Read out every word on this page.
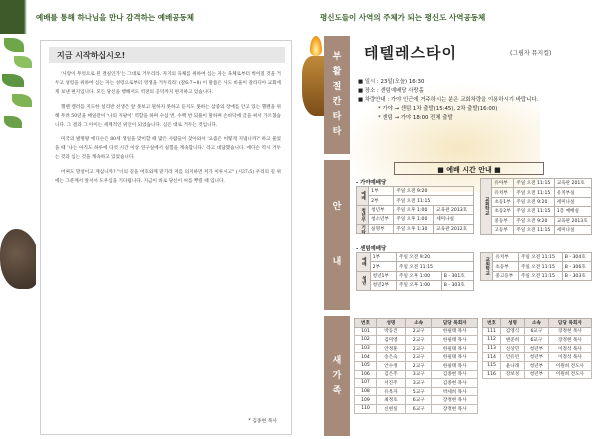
예배를 통해 하나님을 만나 감격하는 예배공동체
지금 시작하십시오!

'사랑이 무엇으로 된 결실인가'는 그대로 거두리라. 자기의 육체를 위하여 심는 자는 육체로부터 썩어질 것을 거두고 성령을 위하여 심는 자는 성령으로부터 영생을 거두리라' (갈6:7~8) 이 말씀은 사도 바울이 갈라디아 교회에게 보낸 편지입니다. 모든 당신을 행해서도 역전의 공덕까지 편지하고 있습니다.

헬렌 켈러를 지도한 설리반 선생은 앞 못보고 말하지 못하고 듣지도 못하는 삼중의 장애를 안고 있는 헬렌을 위해 무려 50년을 매일같이 '나의 지팡이' 역할을 하며 수십 번, 수백 번 되풀이 말하며 손바닥에 글을 써서 가르쳤습니다. 그 결과 그 아이는 세계적인 위인이 되었습니다. 심은 대로 거두는 것입니다.

미국의 발명왕 에디슨은 80세 생일을 맞이할 때 많은 사람들이 찾아와서 '요즘은 어떻게 지냅니까?' 하고 물었을 때 '나는 아직도 하루에 다섯 시간 이상 연구실에서 실험을 계속합니다.' 라고 대답했습니다. 에디슨 역시 거두는 것과 심는 것을 계속하고 있었습니다.

어찌도 망설이고 계십니까? "너의 길을 여호와께 맡기라 저를 의지하면 저가 이루시고" (시37:5) 우리의 길 위에는 그분께서 앞서서 도우심을 기다립니다. 지금이 바로 당신이 씨를 뿌릴 때 입니다.

* 김종현 목사
평신도들이 사역의 주체가 되는 평신도 사역공동체
부
활
절
칸
타
타
테텔레스타이	(그림자 뮤지컬)
■ 일시 : 23일(오늘) 16:30
■ 장소 : 센텀예배당 사랑홀
■ 차량안내 : 가야 인근에 거주하시는 분은 교회차량을 이용하시기 바랍니다.
* 가야 → 센텀 1차 출발(15:45), 2차 출발(16:00)
* 센텀 → 가야 18:00 전체 출발
안
내
■ 예배 시간 안내 ■
- 가야예배당
예배	1부	주일 오전 9:20	
	2부	주일 오전 11:15	
청년부	청년부	주일 오후 1:00	교육관 2013호
	청소년부	주일 오후 1:00	세미나실
기타	실명부	주일 오후 1:30	교육관 2012호
교회학교	유아부	주일 오전 11:15	교육관 201호
	유치부	주일 오전 11:15	유치부실
	초등1부	주일 오전 9:20	세미나실
	초등2부	주일 오전 11:15	1층 예배실
	중등부	주일 오전 9:20	교육관 2013호
	고등부	주일 오전 11:15	세미나실
- 센텀예배당
예배	1부	주일 오전 9:20	
	2부	주일 오전 11:15	
청년	청년1부	주일 오후 1:00	B - 301호
	청년2부	주일 오후 1:00	B - 303호
교회학교	유치부	주일 오전 11:15	B - 304호
	초등부	주일 오전 11:15	B - 306호
	중고등부	주일 오전 11:15	B - 303호
새
가
족
번호	성명	소속	담당 목회자
101	박동진	2교구	한필태 목사
102	김미영	2교구	한필태 목사
103	안정훈	2교구	한필태 목사
104	송은숙	2교구	한필태 목사
105	안수정	2교구	한필태 목사
106	김은주	3교구	김종현 목사
107	서진주	3교구	김종현 목사
108	유옥자	5교구	박세희 목사
109	최정호	6교구	장정현 목사
110	신현실	6교구	장정현 목사
번호	성명	소속	담당 목회자
111	김영식	6교구	장정현 목사
112	변준희	6교구	장정현 목사
113	신상민	청년부	이정석 목사
114	안유빈	청년부	이정석 목사
115	윤나래	청년부	이원희 전도사
116	강보성	청년부	이원희 전도사
